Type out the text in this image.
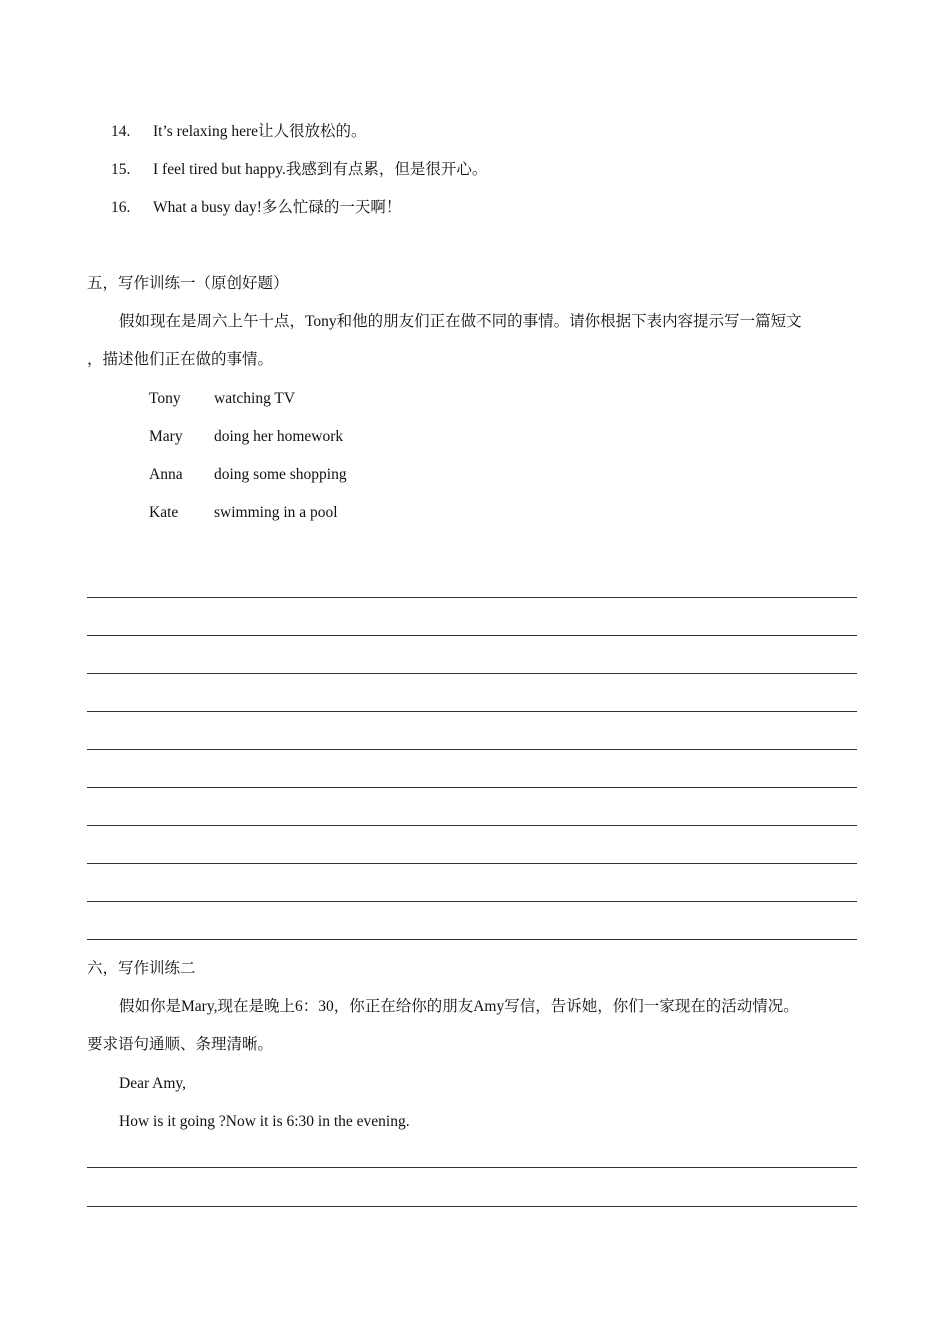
14. It’s relaxing here让人很放松的。
15. I feel tired but happy.我感到有点累，但是很开心。
16. What a busy day!多么忙碌的一天啊！
五，写作训练一（原创好题）
假如现在是周六上午十点，Tony和他的朋友们正在做不同的事情。请你根据下表内容提示写一篇短文
，描述他们正在做的事情。
Tony watching TV
Mary doing her homework
Anna doing some shopping
Kate swimming in a pool
六，写作训练二
假如你是Mary,现在是晚上6：30，你正在给你的朋友Amy写信，告诉她，你们一家现在的活动情况。
要求语句通顺、条理清晰。
Dear Amy,
How is it going ?Now it is 6:30 in the evening.
